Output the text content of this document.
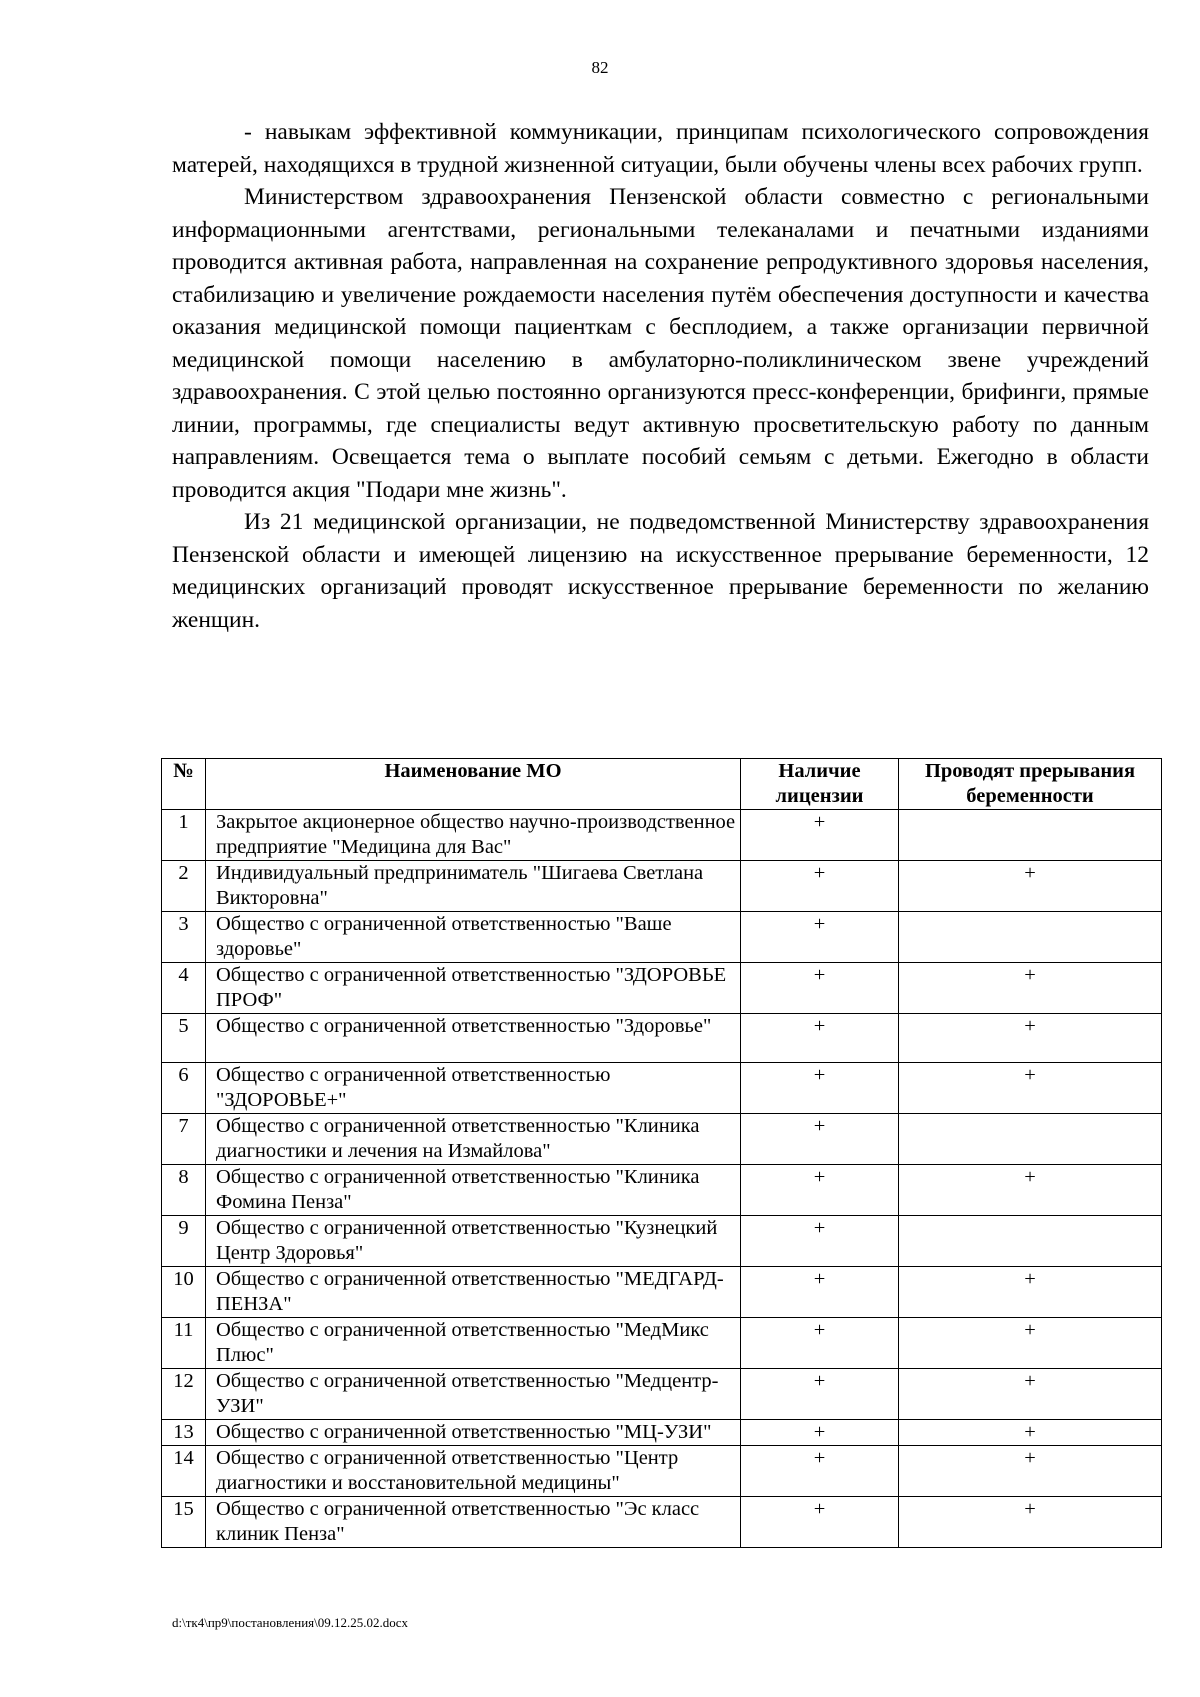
82

- навыкам эффективной коммуникации, принципам психологического сопровождения матерей, находящихся в трудной жизненной ситуации, были обучены члены всех рабочих групп.

Министерством здравоохранения Пензенской области совместно с региональными информационными агентствами, региональными телеканалами и печатными изданиями проводится активная работа, направленная на сохранение репродуктивного здоровья населения, стабилизацию и увеличение рождаемости населения путём обеспечения доступности и качества оказания медицинской помощи пациенткам с бесплодием, а также организации первичной медицинской помощи населению в амбулаторно-поликлиническом звене учреждений здравоохранения. С этой целью постоянно организуются пресс-конференции, брифинги, прямые линии, программы, где специалисты ведут активную просветительскую работу по данным направлениям. Освещается тема о выплате пособий семьям с детьми. Ежегодно в области проводится акция "Подари мне жизнь".

Из 21 медицинской организации, не подведомственной Министерству здравоохранения Пензенской области и имеющей лицензию на искусственное прерывание беременности, 12 медицинских организаций проводят искусственное прерывание беременности по желанию женщин.

№	Наименование МО	Наличие лицензии	Проводят прерывания беременности
1	Закрытое акционерное общество научно-производственное предприятие "Медицина для Вас"	+	
2	Индивидуальный предприниматель "Шигаева Светлана Викторовна"	+	+
3	Общество с ограниченной ответственностью "Ваше здоровье"	+	
4	Общество с ограниченной ответственностью "ЗДОРОВЬЕ ПРОФ"	+	+
5	Общество с ограниченной ответственностью "Здоровье"	+	+
6	Общество с ограниченной ответственностью "ЗДОРОВЬЕ+"	+	+
7	Общество с ограниченной ответственностью "Клиника диагностики и лечения на Измайлова"	+	
8	Общество с ограниченной ответственностью "Клиника Фомина Пенза"	+	+
9	Общество с ограниченной ответственностью "Кузнецкий Центр Здоровья"	+	
10	Общество с ограниченной ответственностью "МЕДГАРД-ПЕНЗА"	+	+
11	Общество с ограниченной ответственностью "МедМикс Плюс"	+	+
12	Общество с ограниченной ответственностью "Медцентр-УЗИ"	+	+
13	Общество с ограниченной ответственностью "МЦ-УЗИ"	+	+
14	Общество с ограниченной ответственностью "Центр диагностики и восстановительной медицины"	+	+
15	Общество с ограниченной ответственностью "Эс класс клиник Пенза"	+	+
d:\тк4\пр9\постановления\09.12.25.02.docx
